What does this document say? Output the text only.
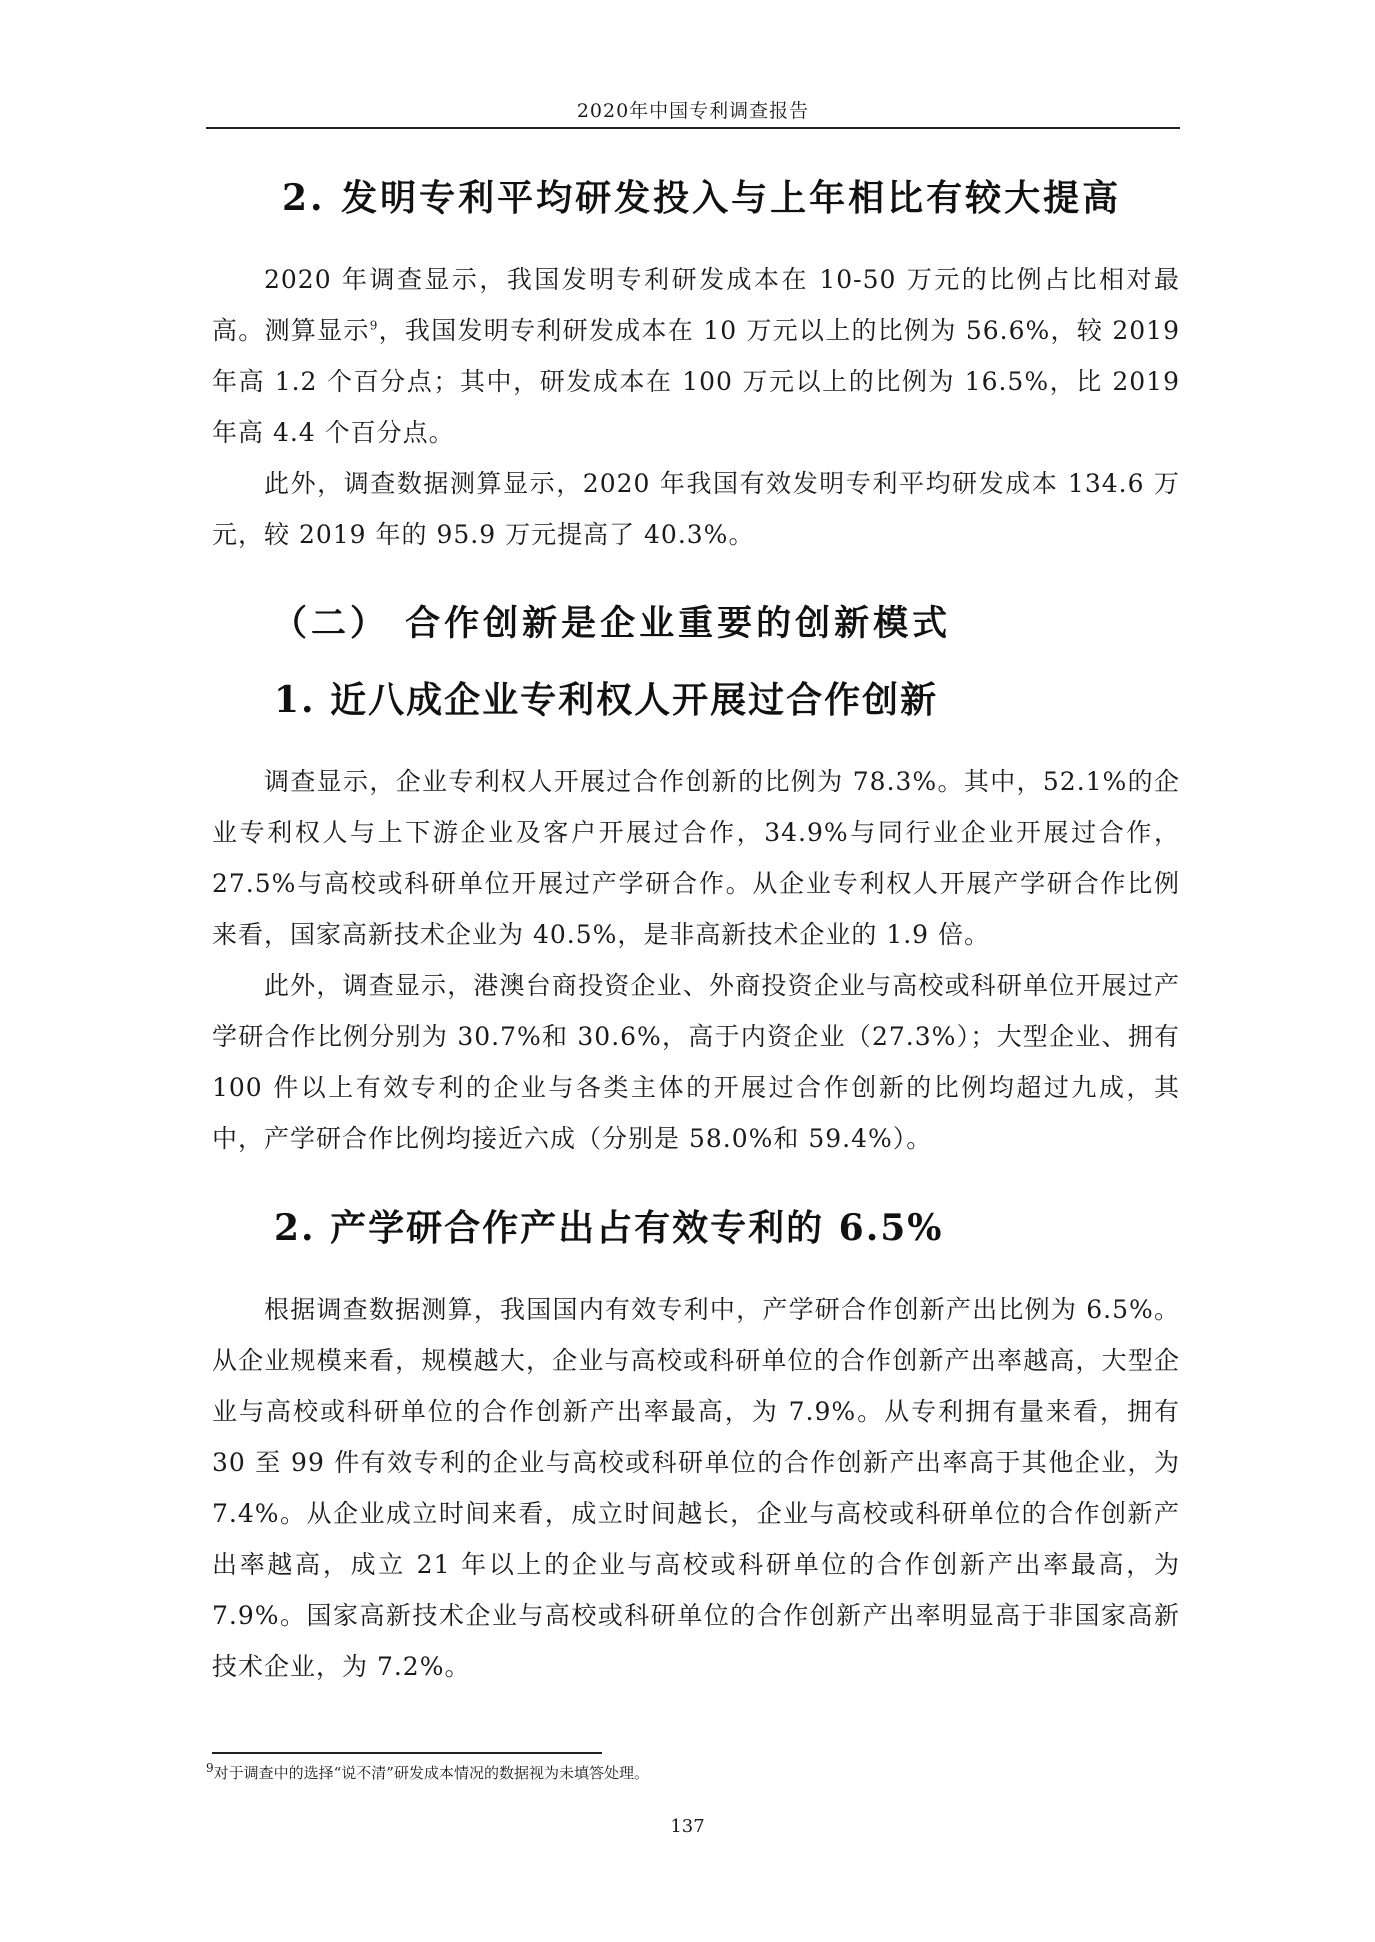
2020年中国专利调查报告
2. 发明专利平均研发投入与上年相比有较大提高

2020 年调查显示，我国发明专利研发成本在 10-50 万元的比例占比相对最高。测算显示$^9$，我国发明专利研发成本在 10 万元以上的比例为 56.6%，较 2019 年高 1.2 个百分点；其中，研发成本在 100 万元以上的比例为 16.5%，比 2019 年高 4.4 个百分点。

此外，调查数据测算显示，2020 年我国有效发明专利平均研发成本 134.6 万元，较 2019 年的 95.9 万元提高了 40.3%。

（二） 合作创新是企业重要的创新模式
1. 近八成企业专利权人开展过合作创新

调查显示，企业专利权人开展过合作创新的比例为 78.3%。其中，52.1%的企业专利权人与上下游企业及客户开展过合作，34.9%与同行业企业开展过合作，27.5%与高校或科研单位开展过产学研合作。从企业专利权人开展产学研合作比例来看，国家高新技术企业为 40.5%，是非高新技术企业的 1.9 倍。

此外，调查显示，港澳台商投资企业、外商投资企业与高校或科研单位开展过产学研合作比例分别为 30.7%和 30.6%，高于内资企业（27.3%）；大型企业、拥有 100 件以上有效专利的企业与各类主体的开展过合作创新的比例均超过九成，其中，产学研合作比例均接近六成（分别是 58.0%和 59.4%）。

2. 产学研合作产出占有效专利的 6.5%

根据调查数据测算，我国国内有效专利中，产学研合作创新产出比例为 6.5%。从企业规模来看，规模越大，企业与高校或科研单位的合作创新产出率越高，大型企业与高校或科研单位的合作创新产出率最高，为 7.9%。从专利拥有量来看，拥有 30 至 99 件有效专利的企业与高校或科研单位的合作创新产出率高于其他企业，为 7.4%。从企业成立时间来看，成立时间越长，企业与高校或科研单位的合作创新产出率越高，成立 21 年以上的企业与高校或科研单位的合作创新产出率最高，为 7.9%。国家高新技术企业与高校或科研单位的合作创新产出率明显高于非国家高新技术企业，为 7.2%。

$^9$对于调查中的选择“说不清”研发成本情况的数据视为未填答处理。
137
